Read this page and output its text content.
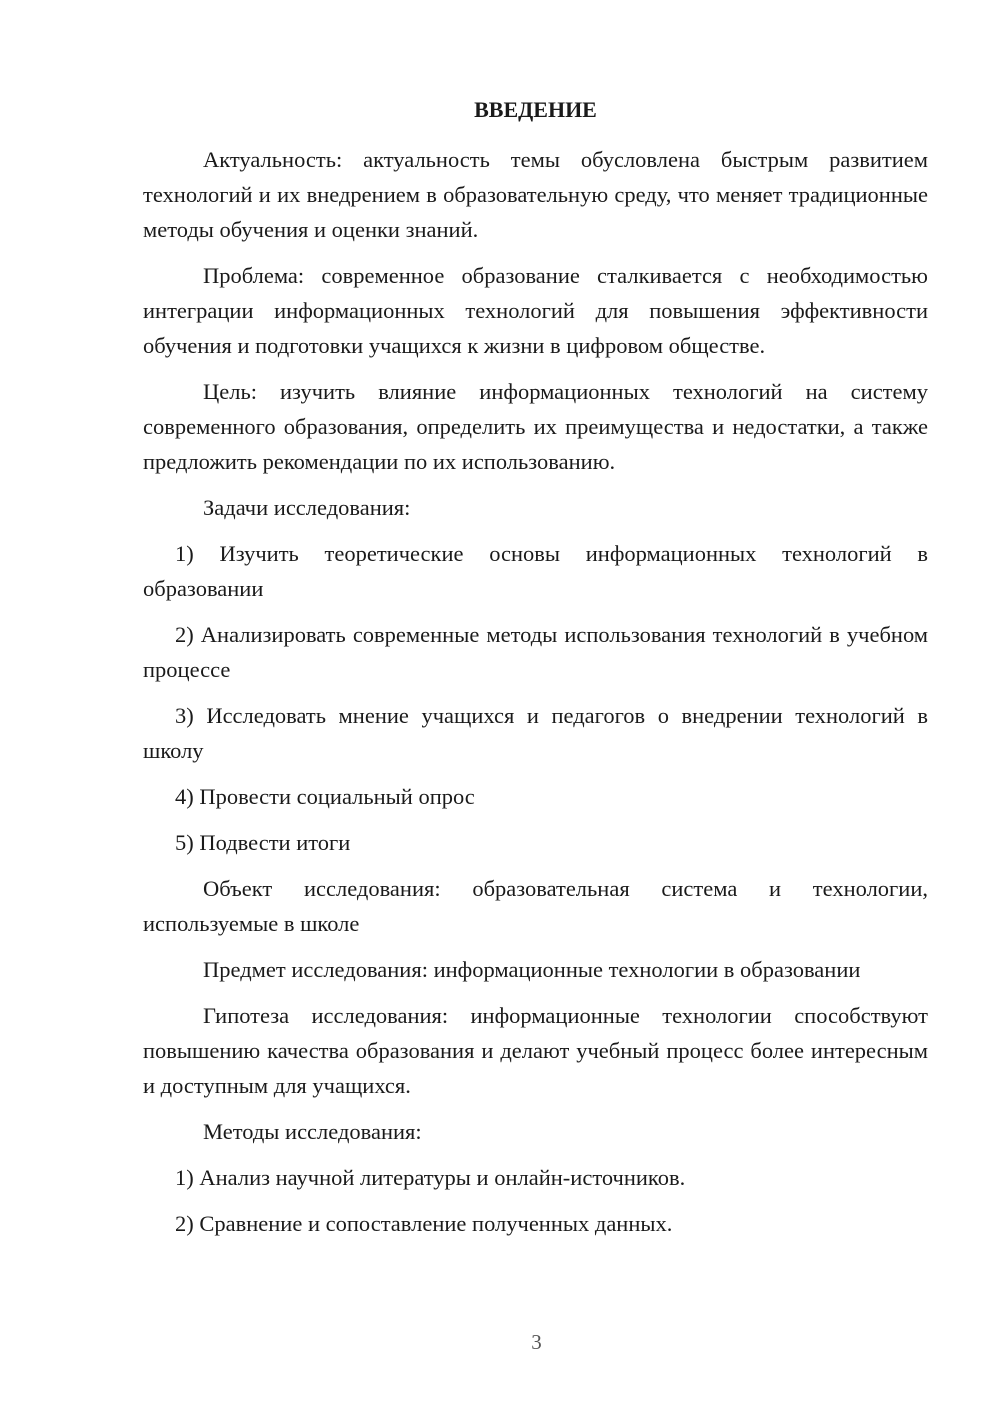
ВВЕДЕНИЕ

Актуальность: актуальность темы обусловлена быстрым развитием технологий и их внедрением в образовательную среду, что меняет традиционные методы обучения и оценки знаний.

Проблема: современное образование сталкивается с необходимостью интеграции информационных технологий для повышения эффективности обучения и подготовки учащихся к жизни в цифровом обществе.

Цель: изучить влияние информационных технологий на систему современного образования, определить их преимущества и недостатки, а также предложить рекомендации по их использованию.

Задачи исследования:

1) Изучить теоретические основы информационных технологий в образовании

2) Анализировать современные методы использования технологий в учебном процессе

3) Исследовать мнение учащихся и педагогов о внедрении технологий в школу

4) Провести социальный опрос

5) Подвести итоги

Объект исследования: образовательная система и технологии, используемые в школе

Предмет исследования: информационные технологии в образовании

Гипотеза исследования: информационные технологии способствуют повышению качества образования и делают учебный процесс более интересным и доступным для учащихся.

Методы исследования:

1) Анализ научной литературы и онлайн-источников.

2) Сравнение и сопоставление полученных данных.

3
